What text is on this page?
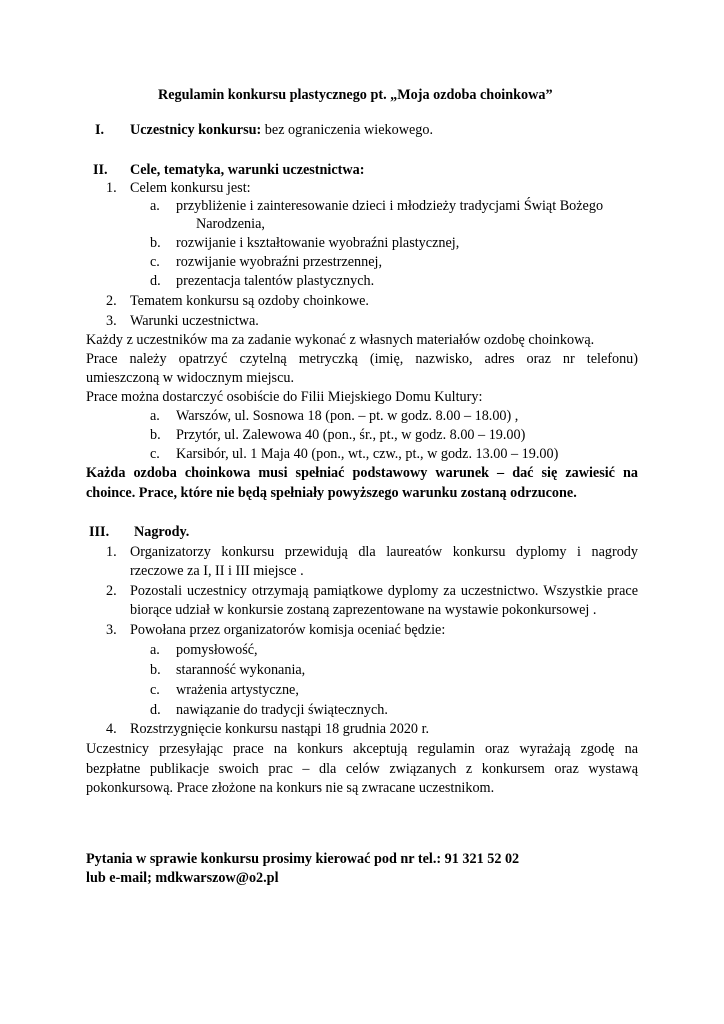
Regulamin konkursu plastycznego pt. „Moja ozdoba choinkowa”
I. Uczestnicy konkursu: bez ograniczenia wiekowego.
II. Cele, tematyka, warunki uczestnictwa:
1. Celem konkursu jest:
a. przybliżenie i zainteresowanie dzieci i młodzieży tradycjami Świąt Bożego
Narodzenia,
b. rozwijanie i kształtowanie wyobraźni plastycznej,
c. rozwijanie wyobraźni przestrzennej,
d. prezentacja talentów plastycznych.
2. Tematem konkursu są ozdoby choinkowe.
3. Warunki uczestnictwa.
Każdy z uczestników ma za zadanie wykonać z własnych materiałów ozdobę choinkową.
Prace należy opatrzyć czytelną metryczką (imię, nazwisko, adres oraz nr telefonu)
umieszczoną w widocznym miejscu.
Prace można dostarczyć osobiście do Filii Miejskiego Domu Kultury:
a. Warszów, ul. Sosnowa 18 (pon. – pt. w godz. 8.00 – 18.00) ,
b. Przytór, ul. Zalewowa 40 (pon., śr., pt., w godz. 8.00 – 19.00)
c. Karsibór, ul. 1 Maja 40 (pon., wt., czw., pt., w godz. 13.00 – 19.00)
Każda ozdoba choinkowa musi spełniać podstawowy warunek – dać się zawiesić na
choince. Prace, które nie będą spełniały powyższego warunku zostaną odrzucone.
III. Nagrody.
1. Organizatorzy konkursu przewidują dla laureatów konkursu dyplomy i nagrody
rzeczowe za I, II i III miejsce .
2. Pozostali uczestnicy otrzymają pamiątkowe dyplomy za uczestnictwo. Wszystkie prace
biorące udział w konkursie zostaną zaprezentowane na wystawie pokonkursowej .
3. Powołana przez organizatorów komisja oceniać będzie:
a. pomysłowość,
b. staranność wykonania,
c. wrażenia artystyczne,
d. nawiązanie do tradycji świątecznych.
4. Rozstrzygnięcie konkursu nastąpi 18 grudnia 2020 r.
Uczestnicy przesyłając prace na konkurs akceptują regulamin oraz wyrażają zgodę na
bezpłatne publikacje swoich prac – dla celów związanych z konkursem oraz wystawą
pokonkursową. Prace złożone na konkurs nie są zwracane uczestnikom.
Pytania w sprawie konkursu prosimy kierować pod nr tel.: 91 321 52 02
lub e-mail; mdkwarszow@o2.pl
